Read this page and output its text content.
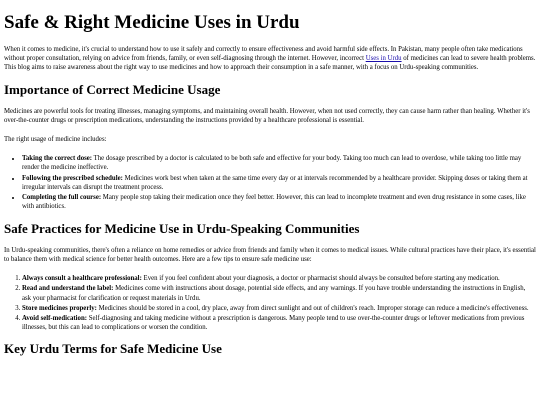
Safe & Right Medicine Uses in Urdu

When it comes to medicine, it's crucial to understand how to use it safely and correctly to ensure effectiveness and avoid harmful side effects. In Pakistan, many people often take medications without proper consultation, relying on advice from friends, family, or even self-diagnosing through the internet. However, incorrect Uses in Urdu of medicines can lead to severe health problems. This blog aims to raise awareness about the right way to use medicines and how to approach their consumption in a safe manner, with a focus on Urdu-speaking communities.

Importance of Correct Medicine Usage

Medicines are powerful tools for treating illnesses, managing symptoms, and maintaining overall health. However, when not used correctly, they can cause harm rather than healing. Whether it's over-the-counter drugs or prescription medications, understanding the instructions provided by a healthcare professional is essential.

The right usage of medicine includes:

• Taking the correct dose: The dosage prescribed by a doctor is calculated to be both safe and effective for your body. Taking too much can lead to overdose, while taking too little may render the medicine ineffective.
• Following the prescribed schedule: Medicines work best when taken at the same time every day or at intervals recommended by a healthcare provider. Skipping doses or taking them at irregular intervals can disrupt the treatment process.
• Completing the full course: Many people stop taking their medication once they feel better. However, this can lead to incomplete treatment and even drug resistance in some cases, like with antibiotics.
Safe Practices for Medicine Use in Urdu-Speaking Communities

In Urdu-speaking communities, there's often a reliance on home remedies or advice from friends and family when it comes to medical issues. While cultural practices have their place, it's essential to balance them with medical science for better health outcomes. Here are a few tips to ensure safe medicine use:

1. Always consult a healthcare professional: Even if you feel confident about your diagnosis, a doctor or pharmacist should always be consulted before starting any medication.
2. Read and understand the label: Medicines come with instructions about dosage, potential side effects, and any warnings. If you have trouble understanding the instructions in English, ask your pharmacist for clarification or request materials in Urdu.
3. Store medicines properly: Medicines should be stored in a cool, dry place, away from direct sunlight and out of children's reach. Improper storage can reduce a medicine's effectiveness.
4. Avoid self-medication: Self-diagnosing and taking medicine without a prescription is dangerous. Many people tend to use over-the-counter drugs or leftover medications from previous illnesses, but this can lead to complications or worsen the condition.
Key Urdu Terms for Safe Medicine Use
